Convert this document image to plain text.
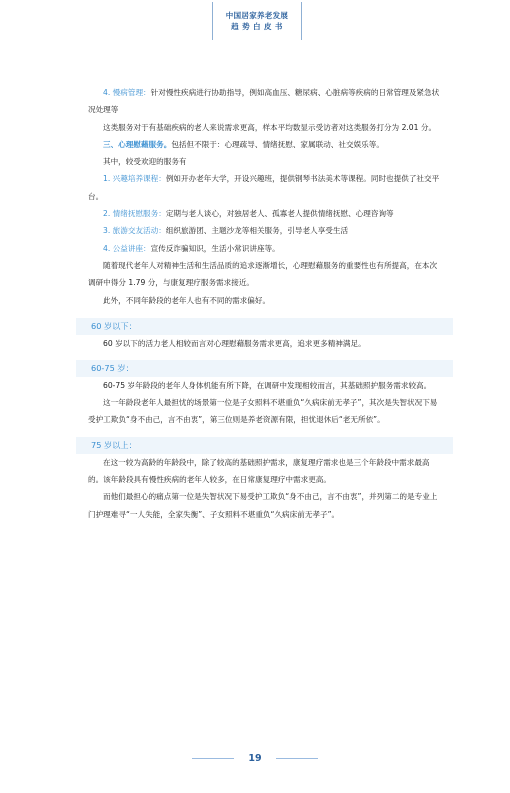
中国居家养老发展
趋势白皮书

4. 慢病管理：针对慢性疾病进行协助指导，例如高血压、糖尿病、心脏病等疾病的日常管理及紧急状况处理等

这类服务对于有基础疾病的老人来说需求更高，样本平均数显示受访者对这类服务打分为 2.01 分。

三、心理慰藉服务。包括但不限于：心理疏导、情绪抚慰、家属联动、社交娱乐等。

其中，较受欢迎的服务有

1. 兴趣培养课程：例如开办老年大学，开设兴趣班，提供钢琴书法美术等课程。同时也提供了社交平台。

2. 情绪抚慰服务：定期与老人谈心，对独居老人、孤寡老人提供情绪抚慰、心理咨询等

3. 旅游交友活动：组织旅游团、主题沙龙等相关服务，引导老人享受生活

4. 公益讲座：宣传反诈骗知识，生活小常识讲座等。

随着现代老年人对精神生活和生活品质的追求逐渐增长，心理慰藉服务的重要性也有所提高，在本次调研中得分 1.79 分，与康复理疗服务需求接近。

此外，不同年龄段的老年人也有不同的需求偏好。

60 岁以下：

60 岁以下的活力老人相较而言对心理慰藉服务需求更高，追求更多精神满足。

60-75 岁：

60-75 岁年龄段的老年人身体机能有所下降，在调研中发现相较而言，其基础照护服务需求较高。

这一年龄段老年人最担忧的场景第一位是子女照料不堪重负“久病床前无孝子”，其次是失智状况下易受护工欺负“身不由己，言不由衷”，第三位则是养老资源有限，担忧退休后“老无所依”。

75 岁以上：

在这一较为高龄的年龄段中，除了较高的基础照护需求，康复理疗需求也是三个年龄段中需求最高的。该年龄段具有慢性疾病的老年人较多，在日常康复理疗中需求更高。

而他们最担心的痛点第一位是失智状况下易受护工欺负“身不由己，言不由衷”，并列第二的是专业上门护理难寻“一人失能，全家失衡”、子女照料不堪重负“久病床前无孝子”。

19
